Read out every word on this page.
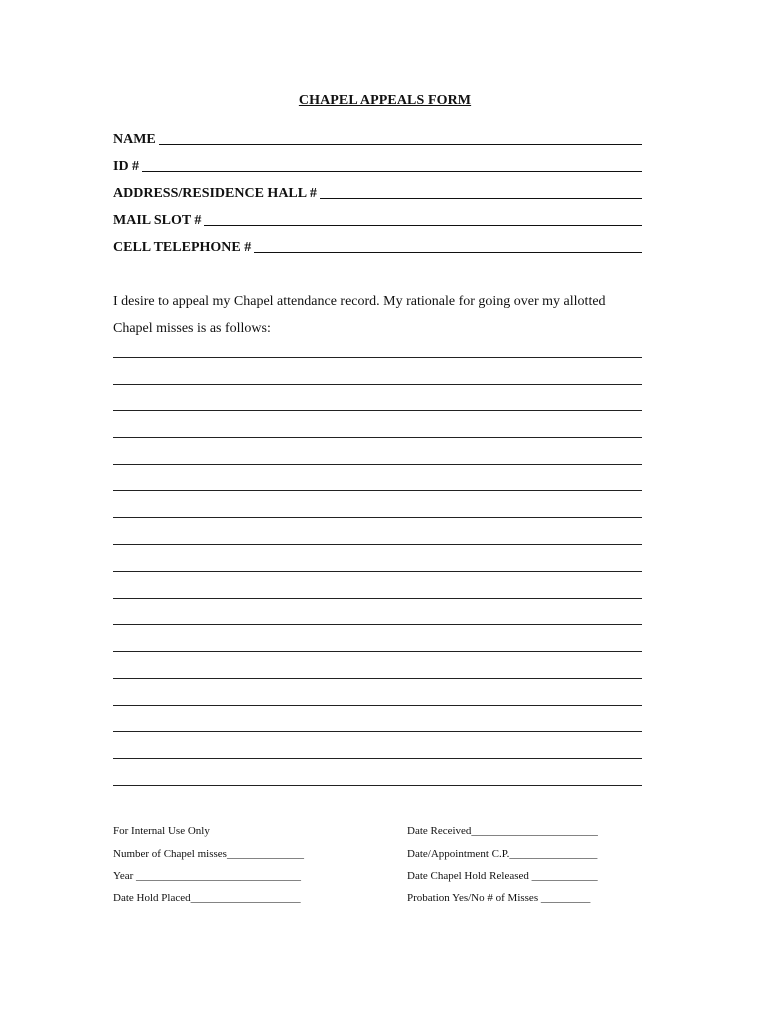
CHAPEL APPEALS FORM
NAME
ID #
ADDRESS/RESIDENCE HALL #
MAIL SLOT #
CELL TELEPHONE #
I desire to appeal my Chapel attendance record. My rationale for going over my allotted
Chapel misses is as follows:
For Internal Use Only
Number of Chapel misses______________
Year ______________________________
Date Hold Placed____________________
Date Received_______________________
Date/Appointment C.P.________________
Date Chapel Hold Released ____________
Probation Yes/No # of Misses _________
